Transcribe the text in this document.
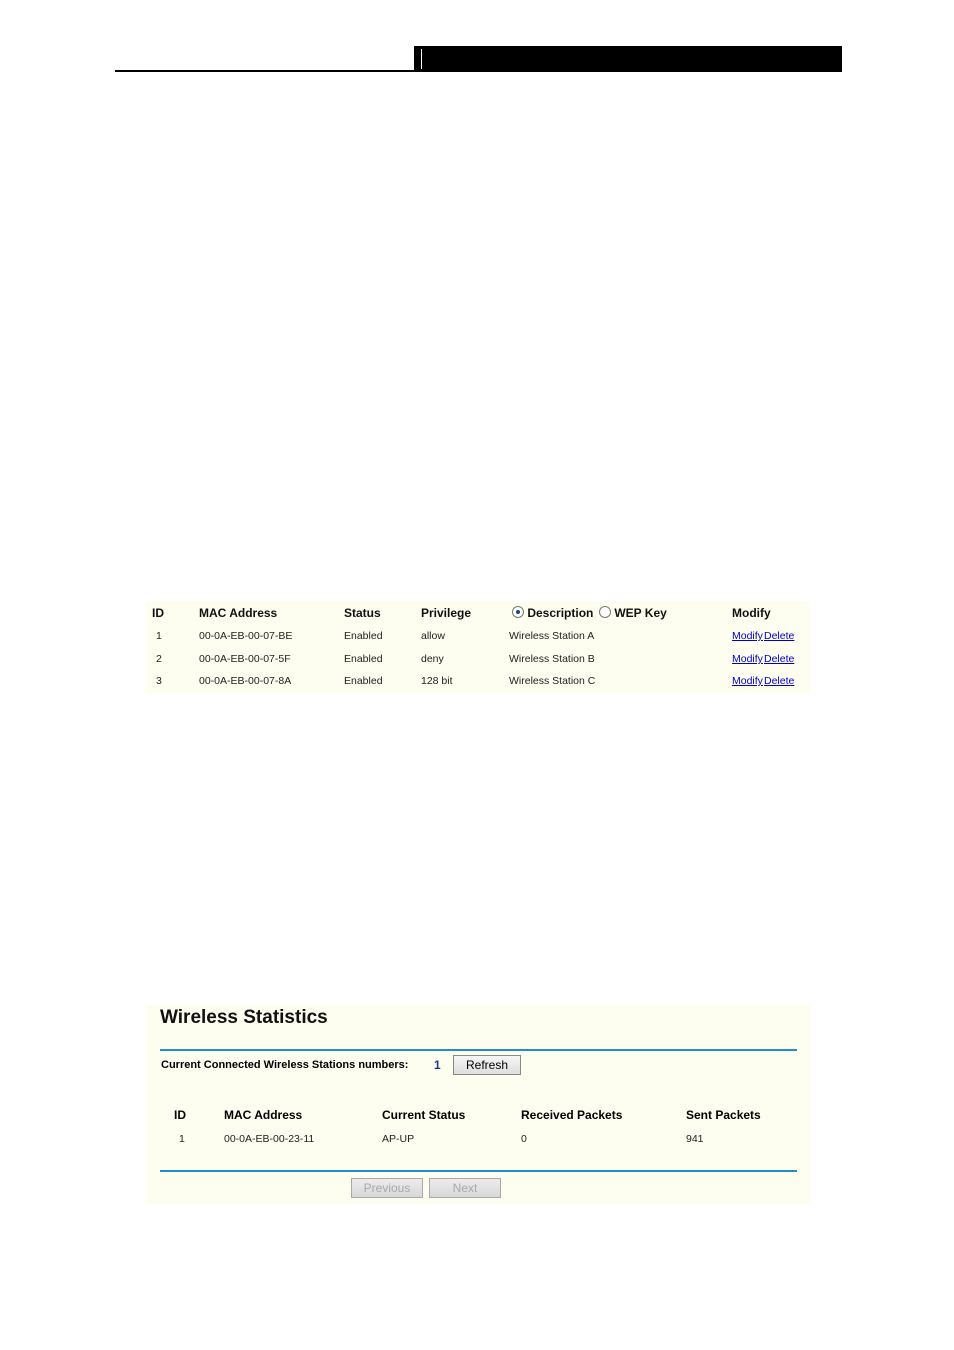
ID	MAC Address	Status	Privilege	Description	WEP Key	Modify
1	00-0A-EB-00-07-BE	Enabled	allow	Wireless Station A	Modify Delete
2	00-0A-EB-00-07-5F	Enabled	deny	Wireless Station B	Modify Delete
3	00-0A-EB-00-07-8A	Enabled	128 bit	Wireless Station C	Modify Delete
Wireless Statistics
Current Connected Wireless Stations numbers: 1	Refresh
ID	MAC Address	Current Status	Received Packets	Sent Packets
1	00-0A-EB-00-23-11	AP-UP	0	941
Previous	Next
